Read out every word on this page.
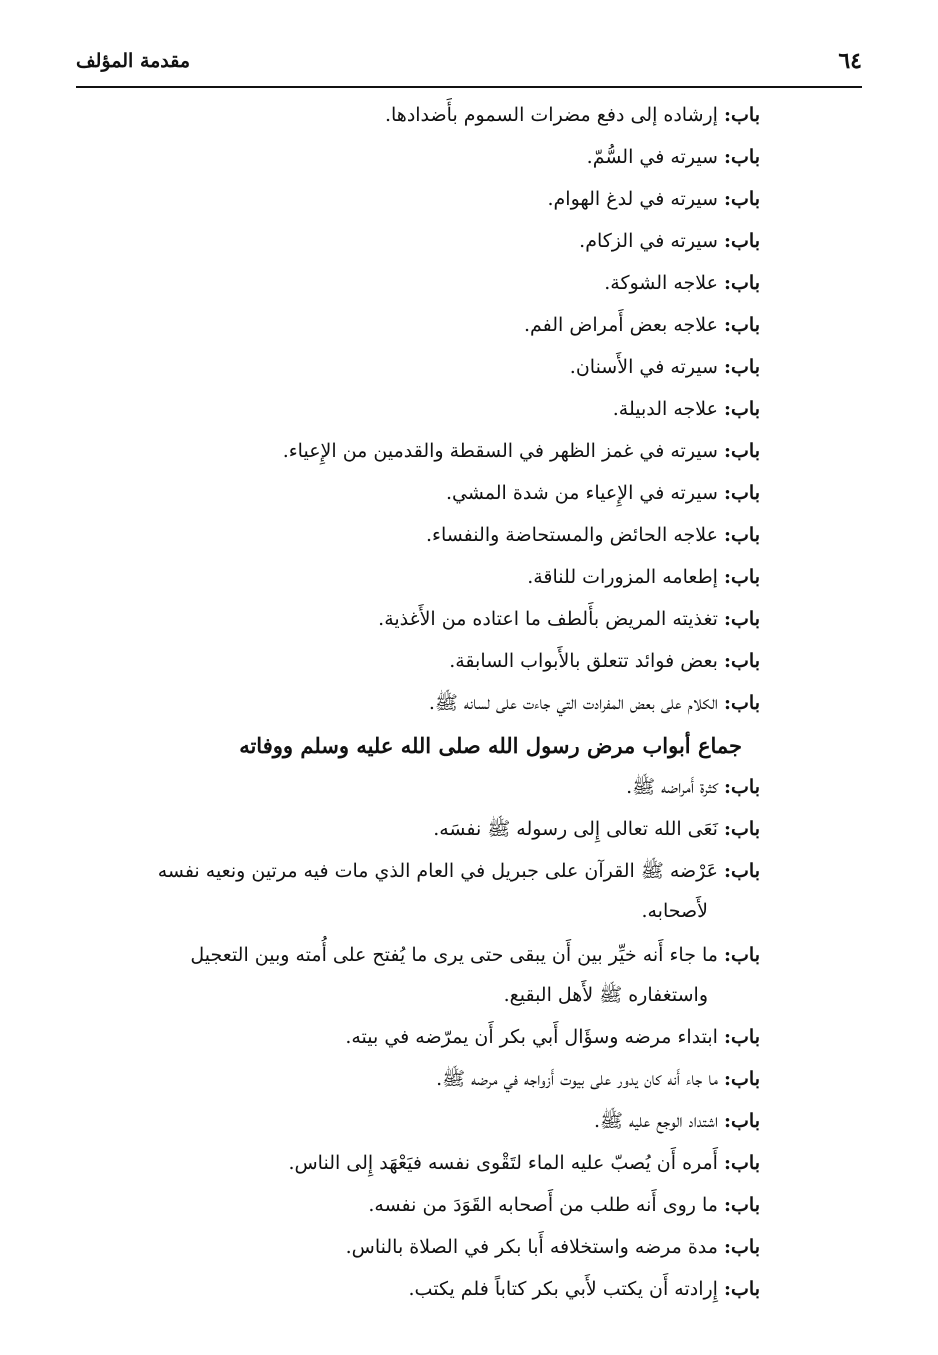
٦٤
مقدمة المؤلف
باب: إرشاده إلى دفع مضرات السموم بأَضدادها.
باب: سيرته في السُّمّ.
باب: سيرته في لدغ الهوام.
باب: سيرته في الزكام.
باب: علاجه الشوكة.
باب: علاجه بعض أَمراض الفم.
باب: سيرته في الأَسنان.
باب: علاجه الدبيلة.
باب: سيرته في غمز الظهر في السقطة والقدمين من الإِعياء.
باب: سيرته في الإِعياء من شدة المشي.
باب: علاجه الحائض والمستحاضة والنفساء.
باب: إطعامه المزورات للناقة.
باب: تغذيته المريض بأَلطف ما اعتاده من الأَغذية.
باب: بعض فوائد تتعلق بالأَبواب السابقة.
باب: الكلام على بعض المفرادت التي جاءت على لسانه ﷺ.
جماع أبواب مرض رسول الله صلى الله عليه وسلم ووفاته
باب: كثرة أَمراضه ﷺ.
باب: نَعَى الله تعالى إِلى رسوله ﷺ نفسَه.
باب: عَرْضه ﷺ القرآن على جبريل في العام الذي مات فيه مرتين ونعيه نفسه
لأَصحابه.
باب: ما جاء أَنه خيِّر بين أَن يبقى حتى يرى ما يُفتح على أُمته وبين التعجيل
واستغفاره ﷺ لأَهل البقيع.
باب: ابتداء مرضه وسؤَال أَبي بكر أَن يمرّضه في بيته.
باب: ما جاء أَنه كان يدور على بيوت أَزواجه في مرضه ﷺ.
باب: اشتداد الوجع عليه ﷺ.
باب: أَمره أَن يُصبّ عليه الماء لتَقْوى نفسه فيَعْهَد إِلى الناس.
باب: ما روى أَنه طلب من أَصحابه القَوَدَ من نفسه.
باب: مدة مرضه واستخلافه أَبا بكر في الصلاة بالناس.
باب: إِرادته أَن يكتب لأَبي بكر كتاباً فلم يكتب.
